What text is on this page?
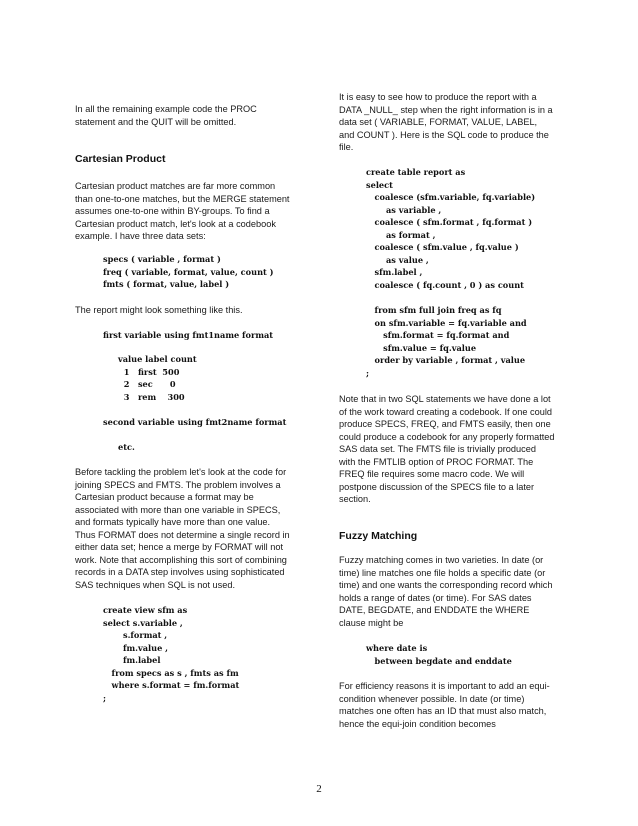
In all the remaining example code the PROC
statement and the QUIT will be omitted.
Cartesian Product
Cartesian product matches are far more common
than one-to-one matches, but the MERGE statement
assumes one-to-one within BY-groups. To find a
Cartesian product match, let's look at a codebook
example. I have three data sets:
specs ( variable , format )
freq ( variable, format, value, count )
fmts ( format, value, label )
The report might look something like this.
first variable using fmt1name format
value label count
1   first  500
2   sec      0
3   rem    300
second variable using fmt2name format
etc.
Before tackling the problem let's look at the code for
joining SPECS and FMTS. The problem involves a
Cartesian product because a format may be
associated with more than one variable in SPECS,
and formats typically have more than one value.
Thus FORMAT does not determine a single record in
either data set; hence a merge by FORMAT will not
work. Note that accomplishing this sort of combining
records in a DATA step involves using sophisticated
SAS techniques when SQL is not used.
create view sfm as
select s.variable ,
s.format ,
fm.value ,
fm.label
from specs as s , fmts as fm
where s.format = fm.format
;
It is easy to see how to produce the report with a
DATA _NULL_ step when the right information is in a
data set ( VARIABLE, FORMAT, VALUE, LABEL,
and COUNT ). Here is the SQL code to produce the
file.
create table report as
select
coalesce (sfm.variable, fq.variable)
as variable ,
coalesce ( sfm.format , fq.format )
as format ,
coalesce ( sfm.value , fq.value )
as value ,
sfm.label ,
coalesce ( fq.count , 0 ) as count

from sfm full join freq as fq
on sfm.variable = fq.variable and
sfm.format = fq.format and
sfm.value = fq.value
order by variable , format , value
;
Note that in two SQL statements we have done a lot
of the work toward creating a codebook. If one could
produce SPECS, FREQ, and FMTS easily, then one
could produce a codebook for any properly formatted
SAS data set. The FMTS file is trivially produced
with the FMTLIB option of PROC FORMAT. The
FREQ file requires some macro code. We will
postpone discussion of the SPECS file to a later
section.
Fuzzy Matching
Fuzzy matching comes in two varieties. In date (or
time) line matches one file holds a specific date (or
time) and one wants the corresponding record which
holds a range of dates (or time). For SAS dates
DATE, BEGDATE, and ENDDATE the WHERE
clause might be
where date is
between begdate and enddate
For efficiency reasons it is important to add an equi-
condition whenever possible. In date (or time)
matches one often has an ID that must also match,
hence the equi-join condition becomes
2
